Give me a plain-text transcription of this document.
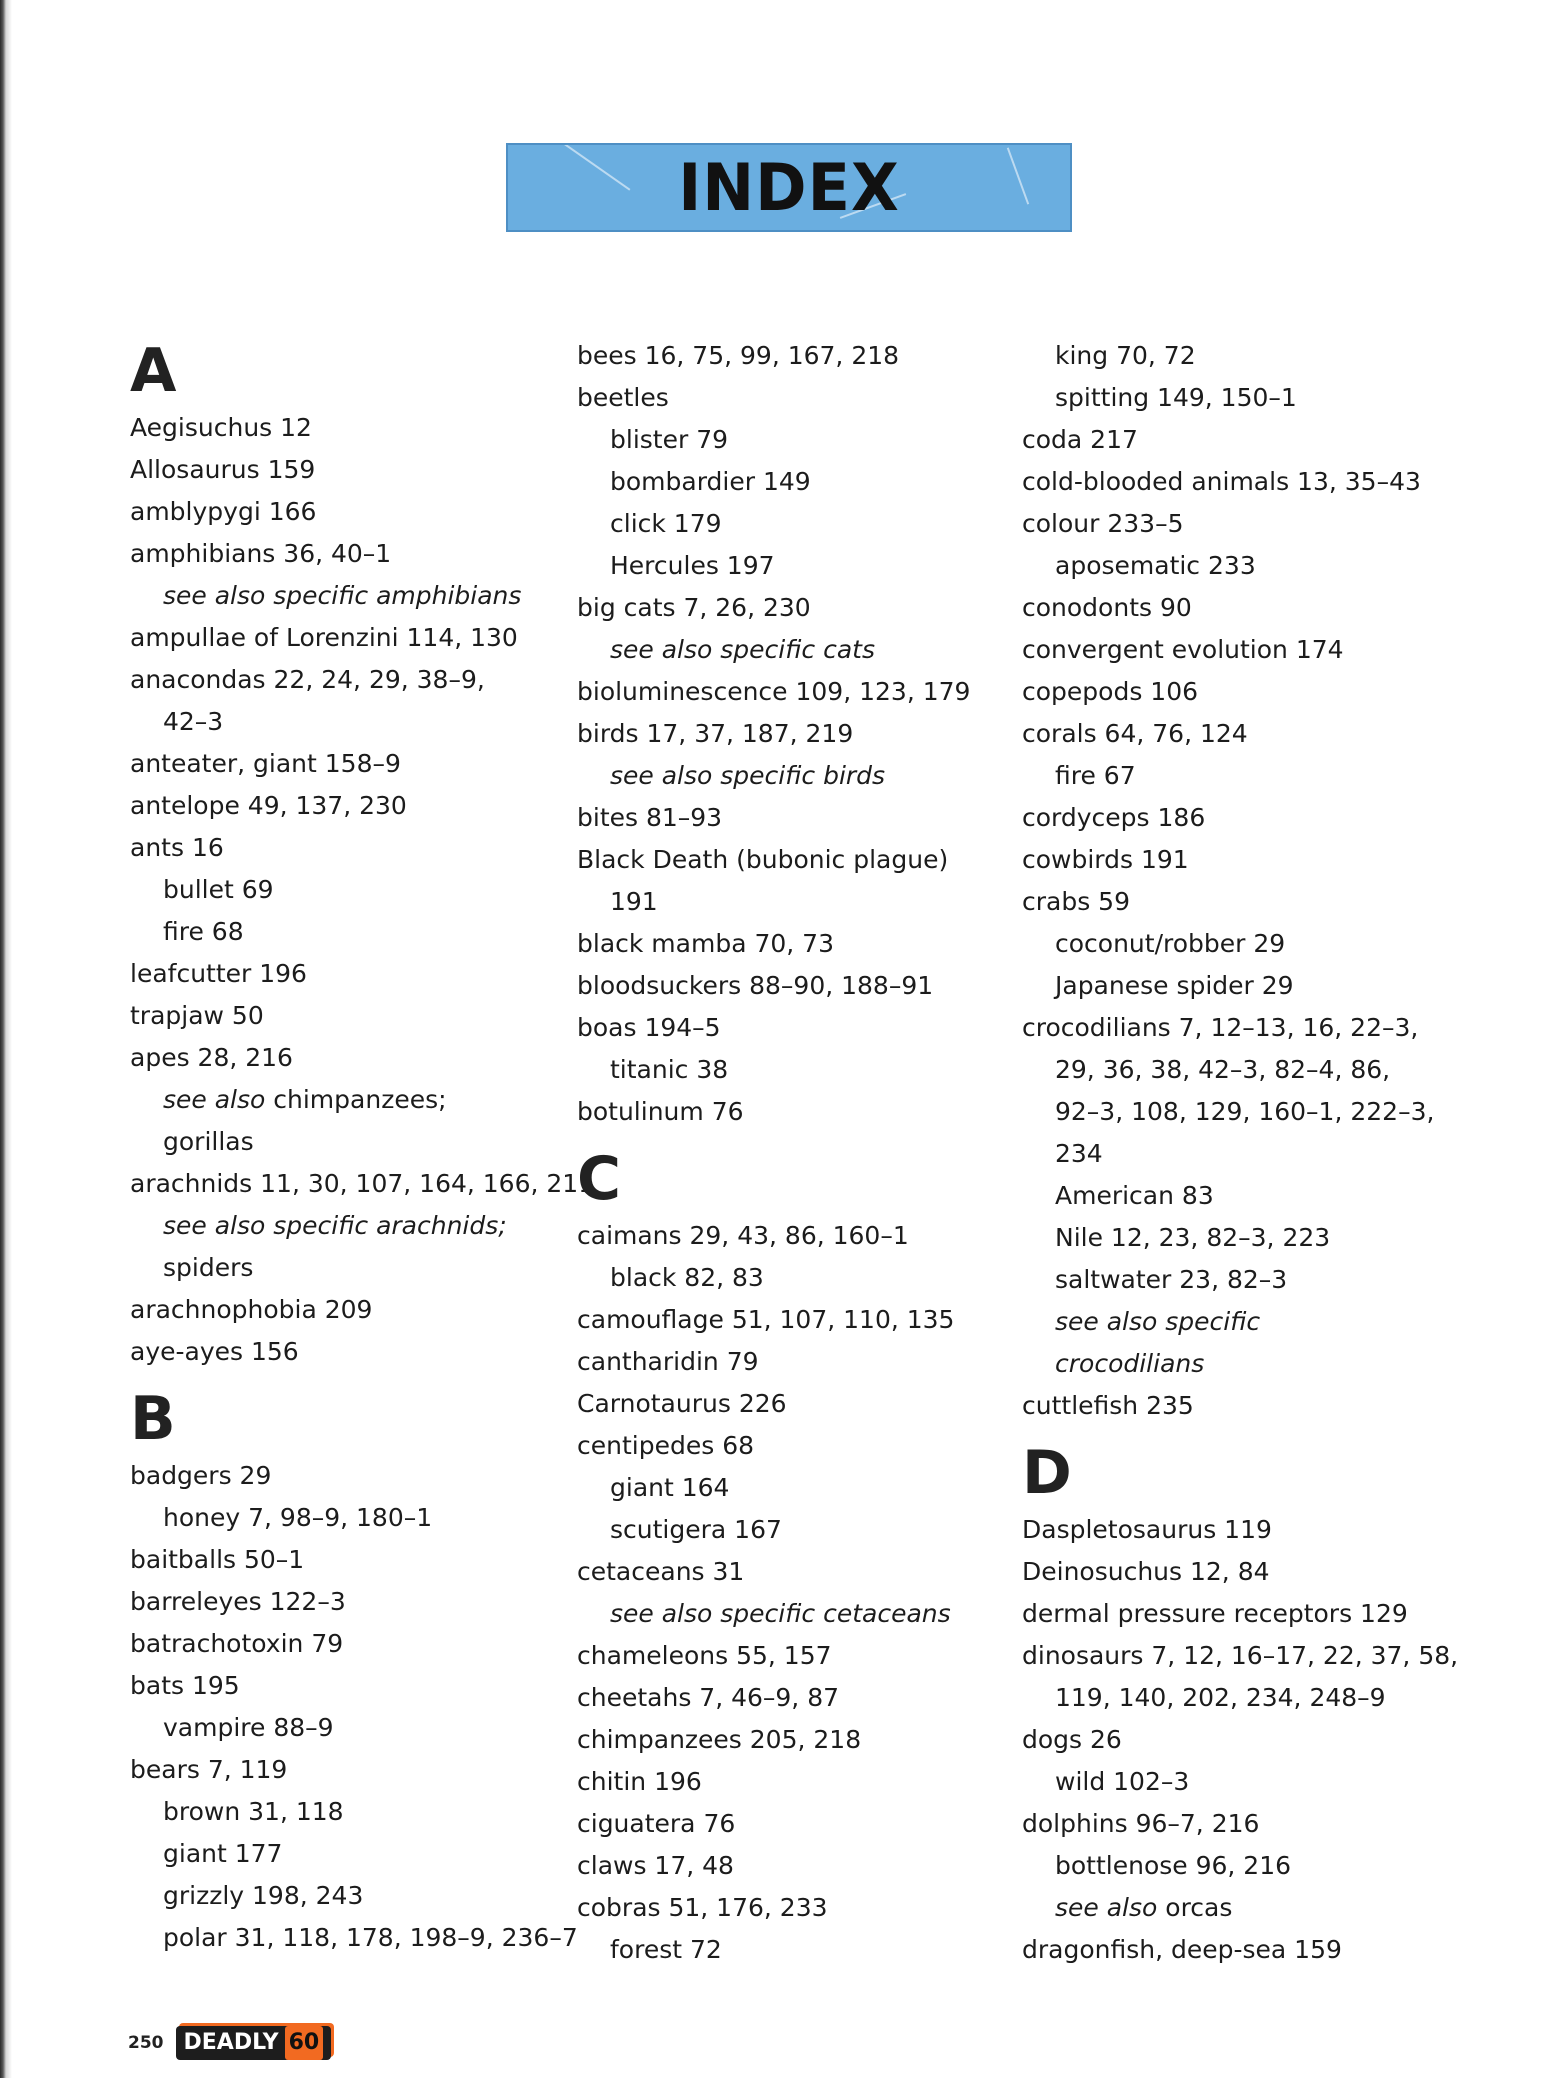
INDEX
A
Aegisuchus 12
Allosaurus 159
amblypygi 166
amphibians 36, 40–1
see also specific amphibians
ampullae of Lorenzini 114, 130
anacondas 22, 24, 29, 38–9,
42–3
anteater, giant 158–9
antelope 49, 137, 230
ants 16
bullet 69
fire 68
leafcutter 196
trapjaw 50
apes 28, 216
see also chimpanzees;
gorillas
arachnids 11, 30, 107, 164, 166, 211
see also specific arachnids;
spiders
arachnophobia 209
aye-ayes 156
B
badgers 29
honey 7, 98–9, 180–1
baitballs 50–1
barreleyes 122–3
batrachotoxin 79
bats 195
vampire 88–9
bears 7, 119
brown 31, 118
giant 177
grizzly 198, 243
polar 31, 118, 178, 198–9, 236–7
bees 16, 75, 99, 167, 218
beetles
blister 79
bombardier 149
click 179
Hercules 197
big cats 7, 26, 230
see also specific cats
bioluminescence 109, 123, 179
birds 17, 37, 187, 219
see also specific birds
bites 81–93
Black Death (bubonic plague)
191
black mamba 70, 73
bloodsuckers 88–90, 188–91
boas 194–5
titanic 38
botulinum 76
C
caimans 29, 43, 86, 160–1
black 82, 83
camouflage 51, 107, 110, 135
cantharidin 79
Carnotaurus 226
centipedes 68
giant 164
scutigera 167
cetaceans 31
see also specific cetaceans
chameleons 55, 157
cheetahs 7, 46–9, 87
chimpanzees 205, 218
chitin 196
ciguatera 76
claws 17, 48
cobras 51, 176, 233
forest 72
king 70, 72
spitting 149, 150–1
coda 217
cold-blooded animals 13, 35–43
colour 233–5
aposematic 233
conodonts 90
convergent evolution 174
copepods 106
corals 64, 76, 124
fire 67
cordyceps 186
cowbirds 191
crabs 59
coconut/robber 29
Japanese spider 29
crocodilians 7, 12–13, 16, 22–3,
29, 36, 38, 42–3, 82–4, 86,
92–3, 108, 129, 160–1, 222–3,
234
American 83
Nile 12, 23, 82–3, 223
saltwater 23, 82–3
see also specific
crocodilians
cuttlefish 235
D
Daspletosaurus 119
Deinosuchus 12, 84
dermal pressure receptors 129
dinosaurs 7, 12, 16–17, 22, 37, 58,
119, 140, 202, 234, 248–9
dogs 26
wild 102–3
dolphins 96–7, 216
bottlenose 96, 216
see also orcas
dragonfish, deep-sea 159
250 DEADLY 60
